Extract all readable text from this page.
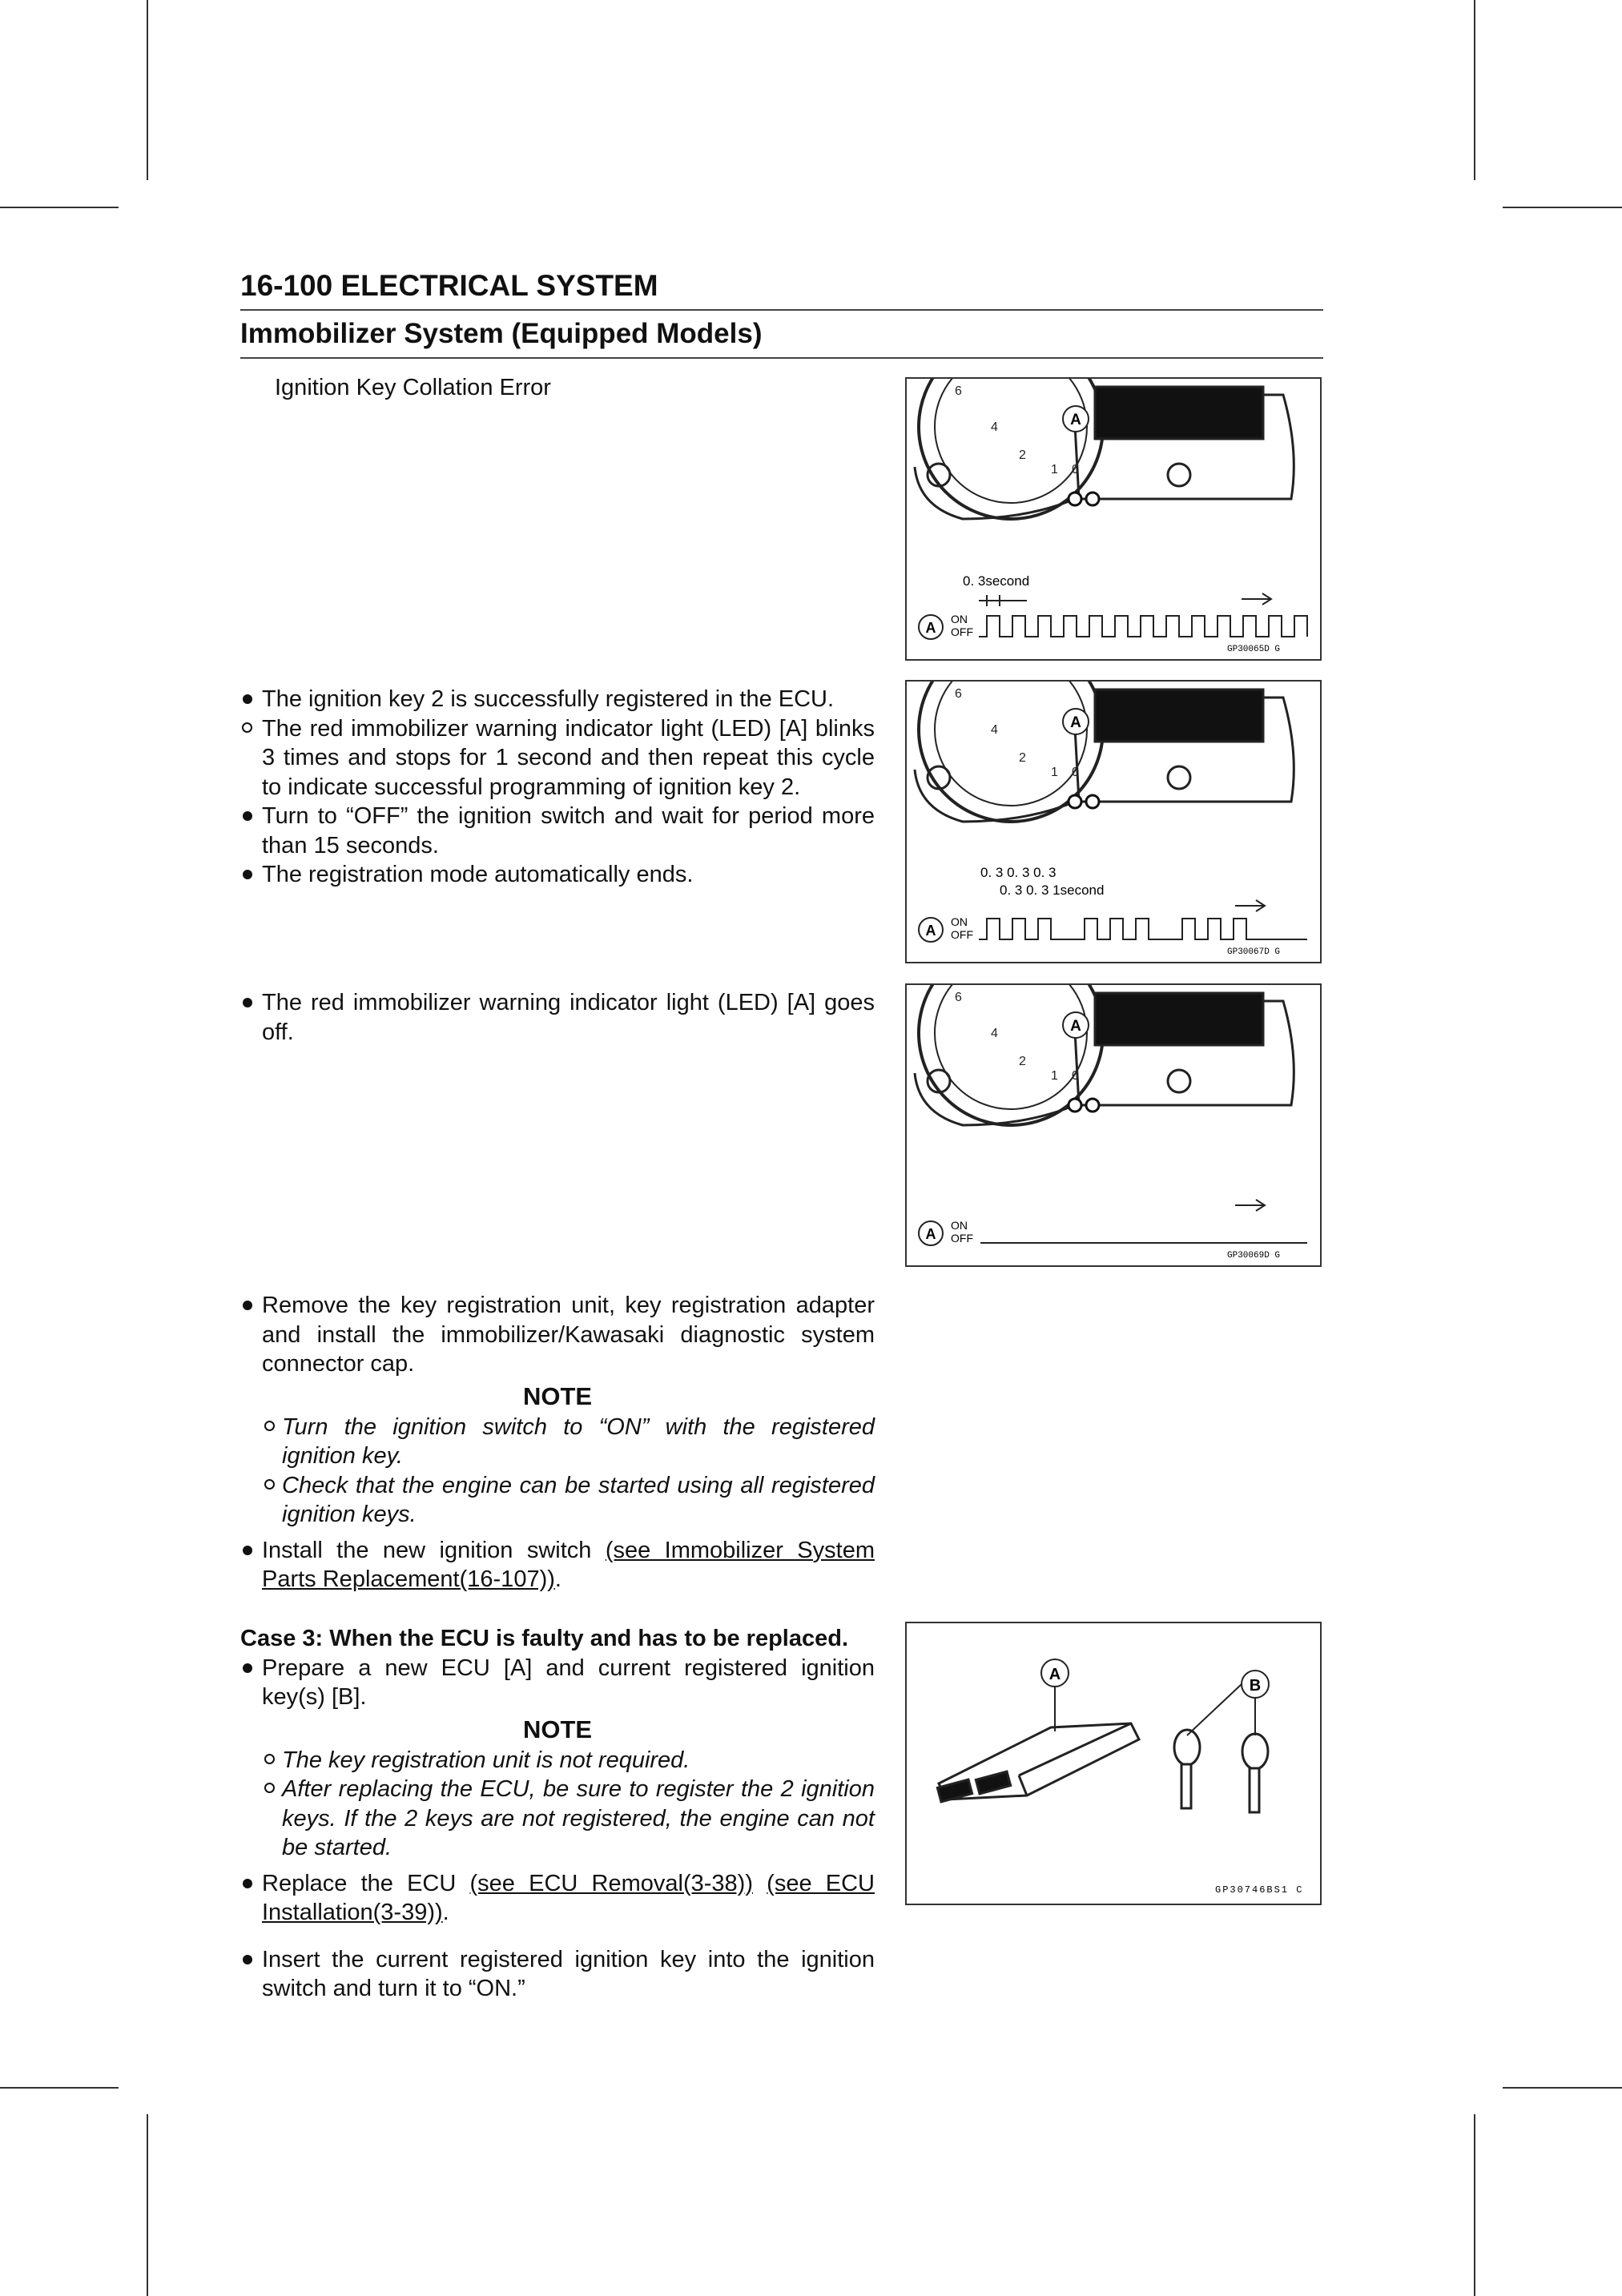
16-100 ELECTRICAL SYSTEM
Immobilizer System (Equipped Models)
Ignition Key Collation Error
The ignition key 2 is successfully registered in the ECU.
The red immobilizer warning indicator light (LED) [A] blinks 3 times and stops for 1 second and then repeat this cycle to indicate successful programming of ignition key 2.
Turn to “OFF” the ignition switch and wait for period more than 15 seconds.
The registration mode automatically ends.
The red immobilizer warning indicator light (LED) [A] goes off.
Remove the key registration unit, key registration adapter and install the immobilizer/Kawasaki diagnostic system connector cap.
NOTE
Turn the ignition switch to “ON” with the registered ignition key.
Check that the engine can be started using all registered ignition keys.
Install the new ignition switch (see Immobilizer System Parts Replacement(16-107)).
Case 3: When the ECU is faulty and has to be replaced.
Prepare a new ECU [A] and current registered ignition key(s) [B].
NOTE
The key registration unit is not required.
After replacing the ECU, be sure to register the 2 ignition keys. If the 2 keys are not registered, the engine can not be started.
Replace the ECU (see ECU Removal(3-38)) (see ECU Installation(3-39)).
Insert the current registered ignition key into the ignition switch and turn it to “ON.”
6
4
2
1 0
A
0. 3second
A
ON
OFF
GP30065D G
6
4
2
1 0
A
0. 3 0. 3 0. 3
0. 3 0. 3 1second
A
ON
OFF
GP30067D G
6
4
2
1 0
A
A
ON
OFF
GP30069D G
A
B
GP30746BS1 C
